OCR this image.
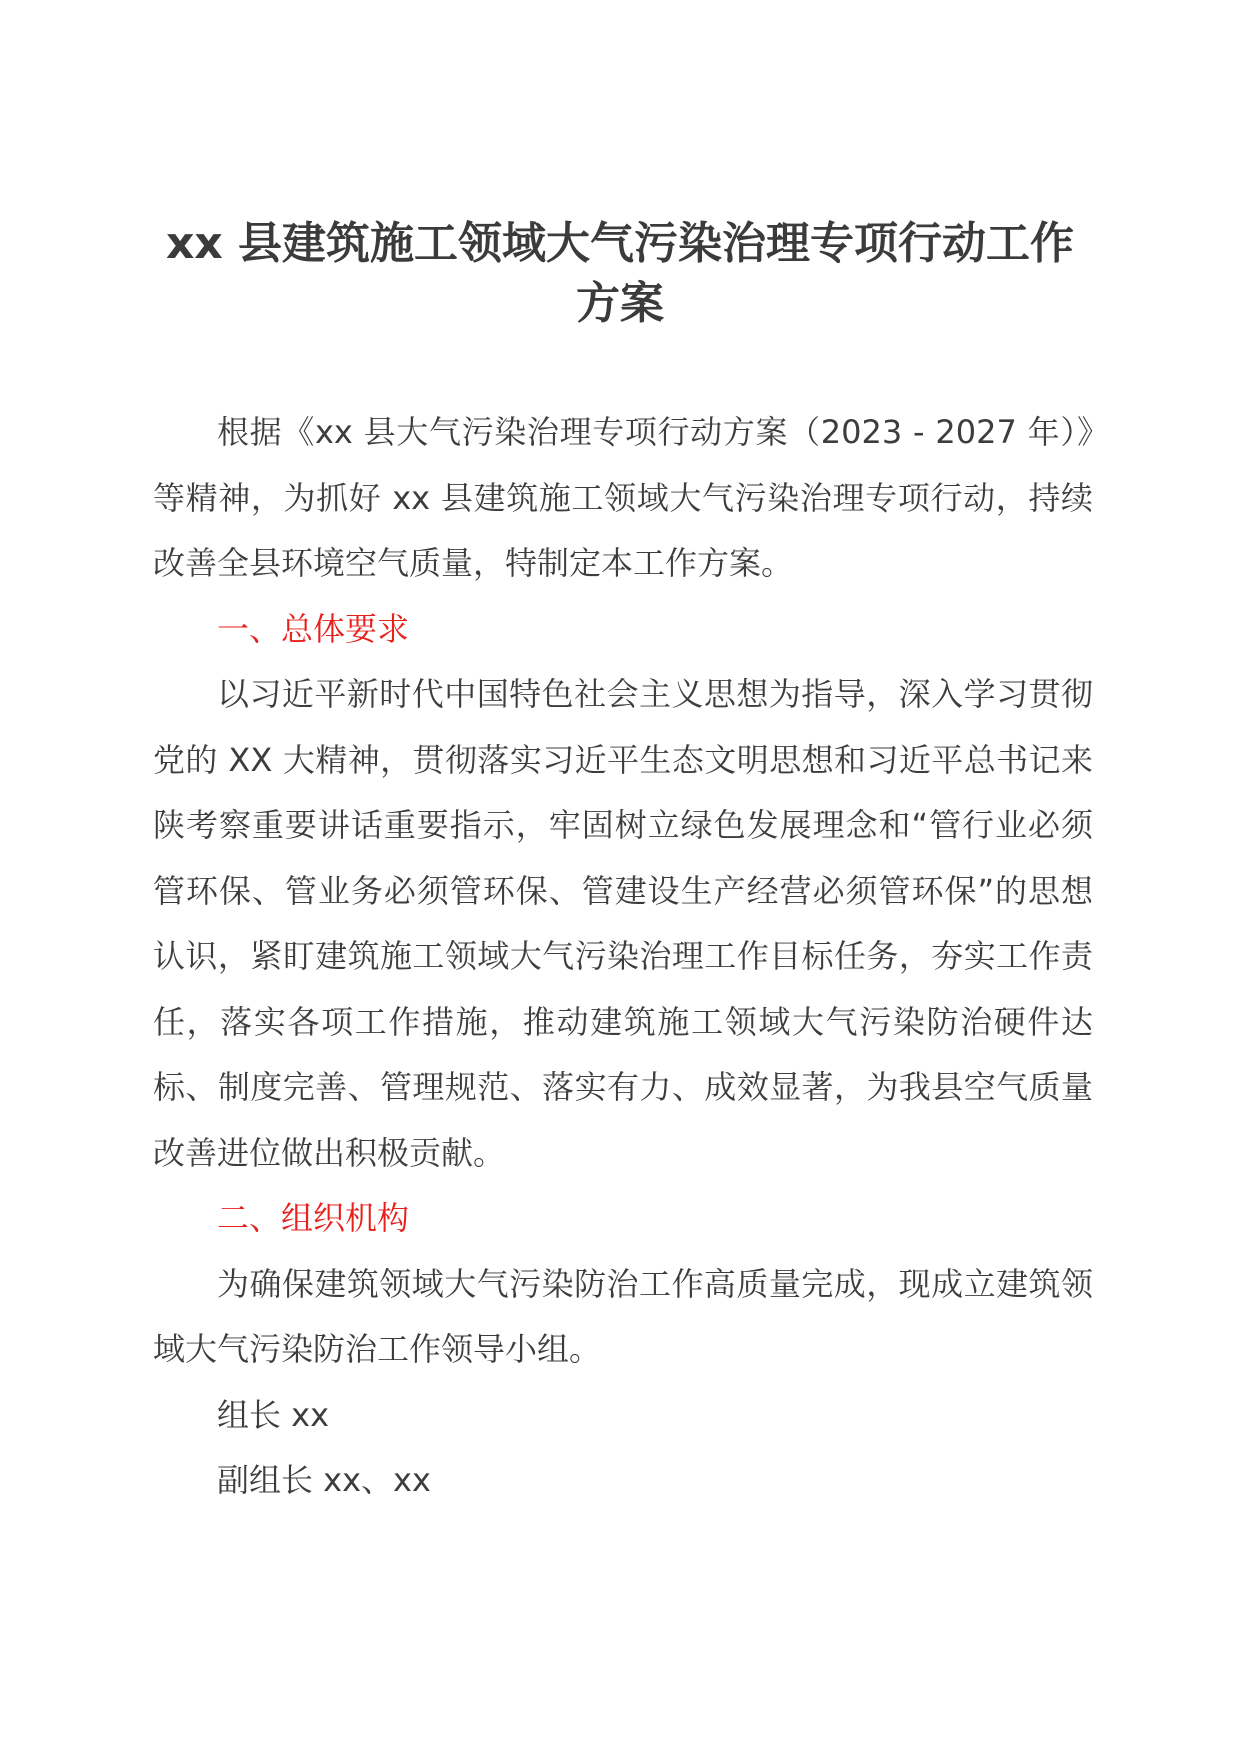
xx 县建筑施工领域大气污染治理专项行动工作方案

根据《xx 县大气污染治理专项行动方案（2023 - 2027 年）》等精神，为抓好 xx 县建筑施工领域大气污染治理专项行动，持续改善全县环境空气质量，特制定本工作方案。

一、总体要求

以习近平新时代中国特色社会主义思想为指导，深入学习贯彻党的 XX 大精神，贯彻落实习近平生态文明思想和习近平总书记来陕考察重要讲话重要指示，牢固树立绿色发展理念和“管行业必须管环保、管业务必须管环保、管建设生产经营必须管环保”的思想认识，紧盯建筑施工领域大气污染治理工作目标任务，夯实工作责任，落实各项工作措施，推动建筑施工领域大气污染防治硬件达标、制度完善、管理规范、落实有力、成效显著，为我县空气质量改善进位做出积极贡献。

二、组织机构

为确保建筑领域大气污染防治工作高质量完成，现成立建筑领域大气污染防治工作领导小组。

组长 xx

副组长 xx、xx
